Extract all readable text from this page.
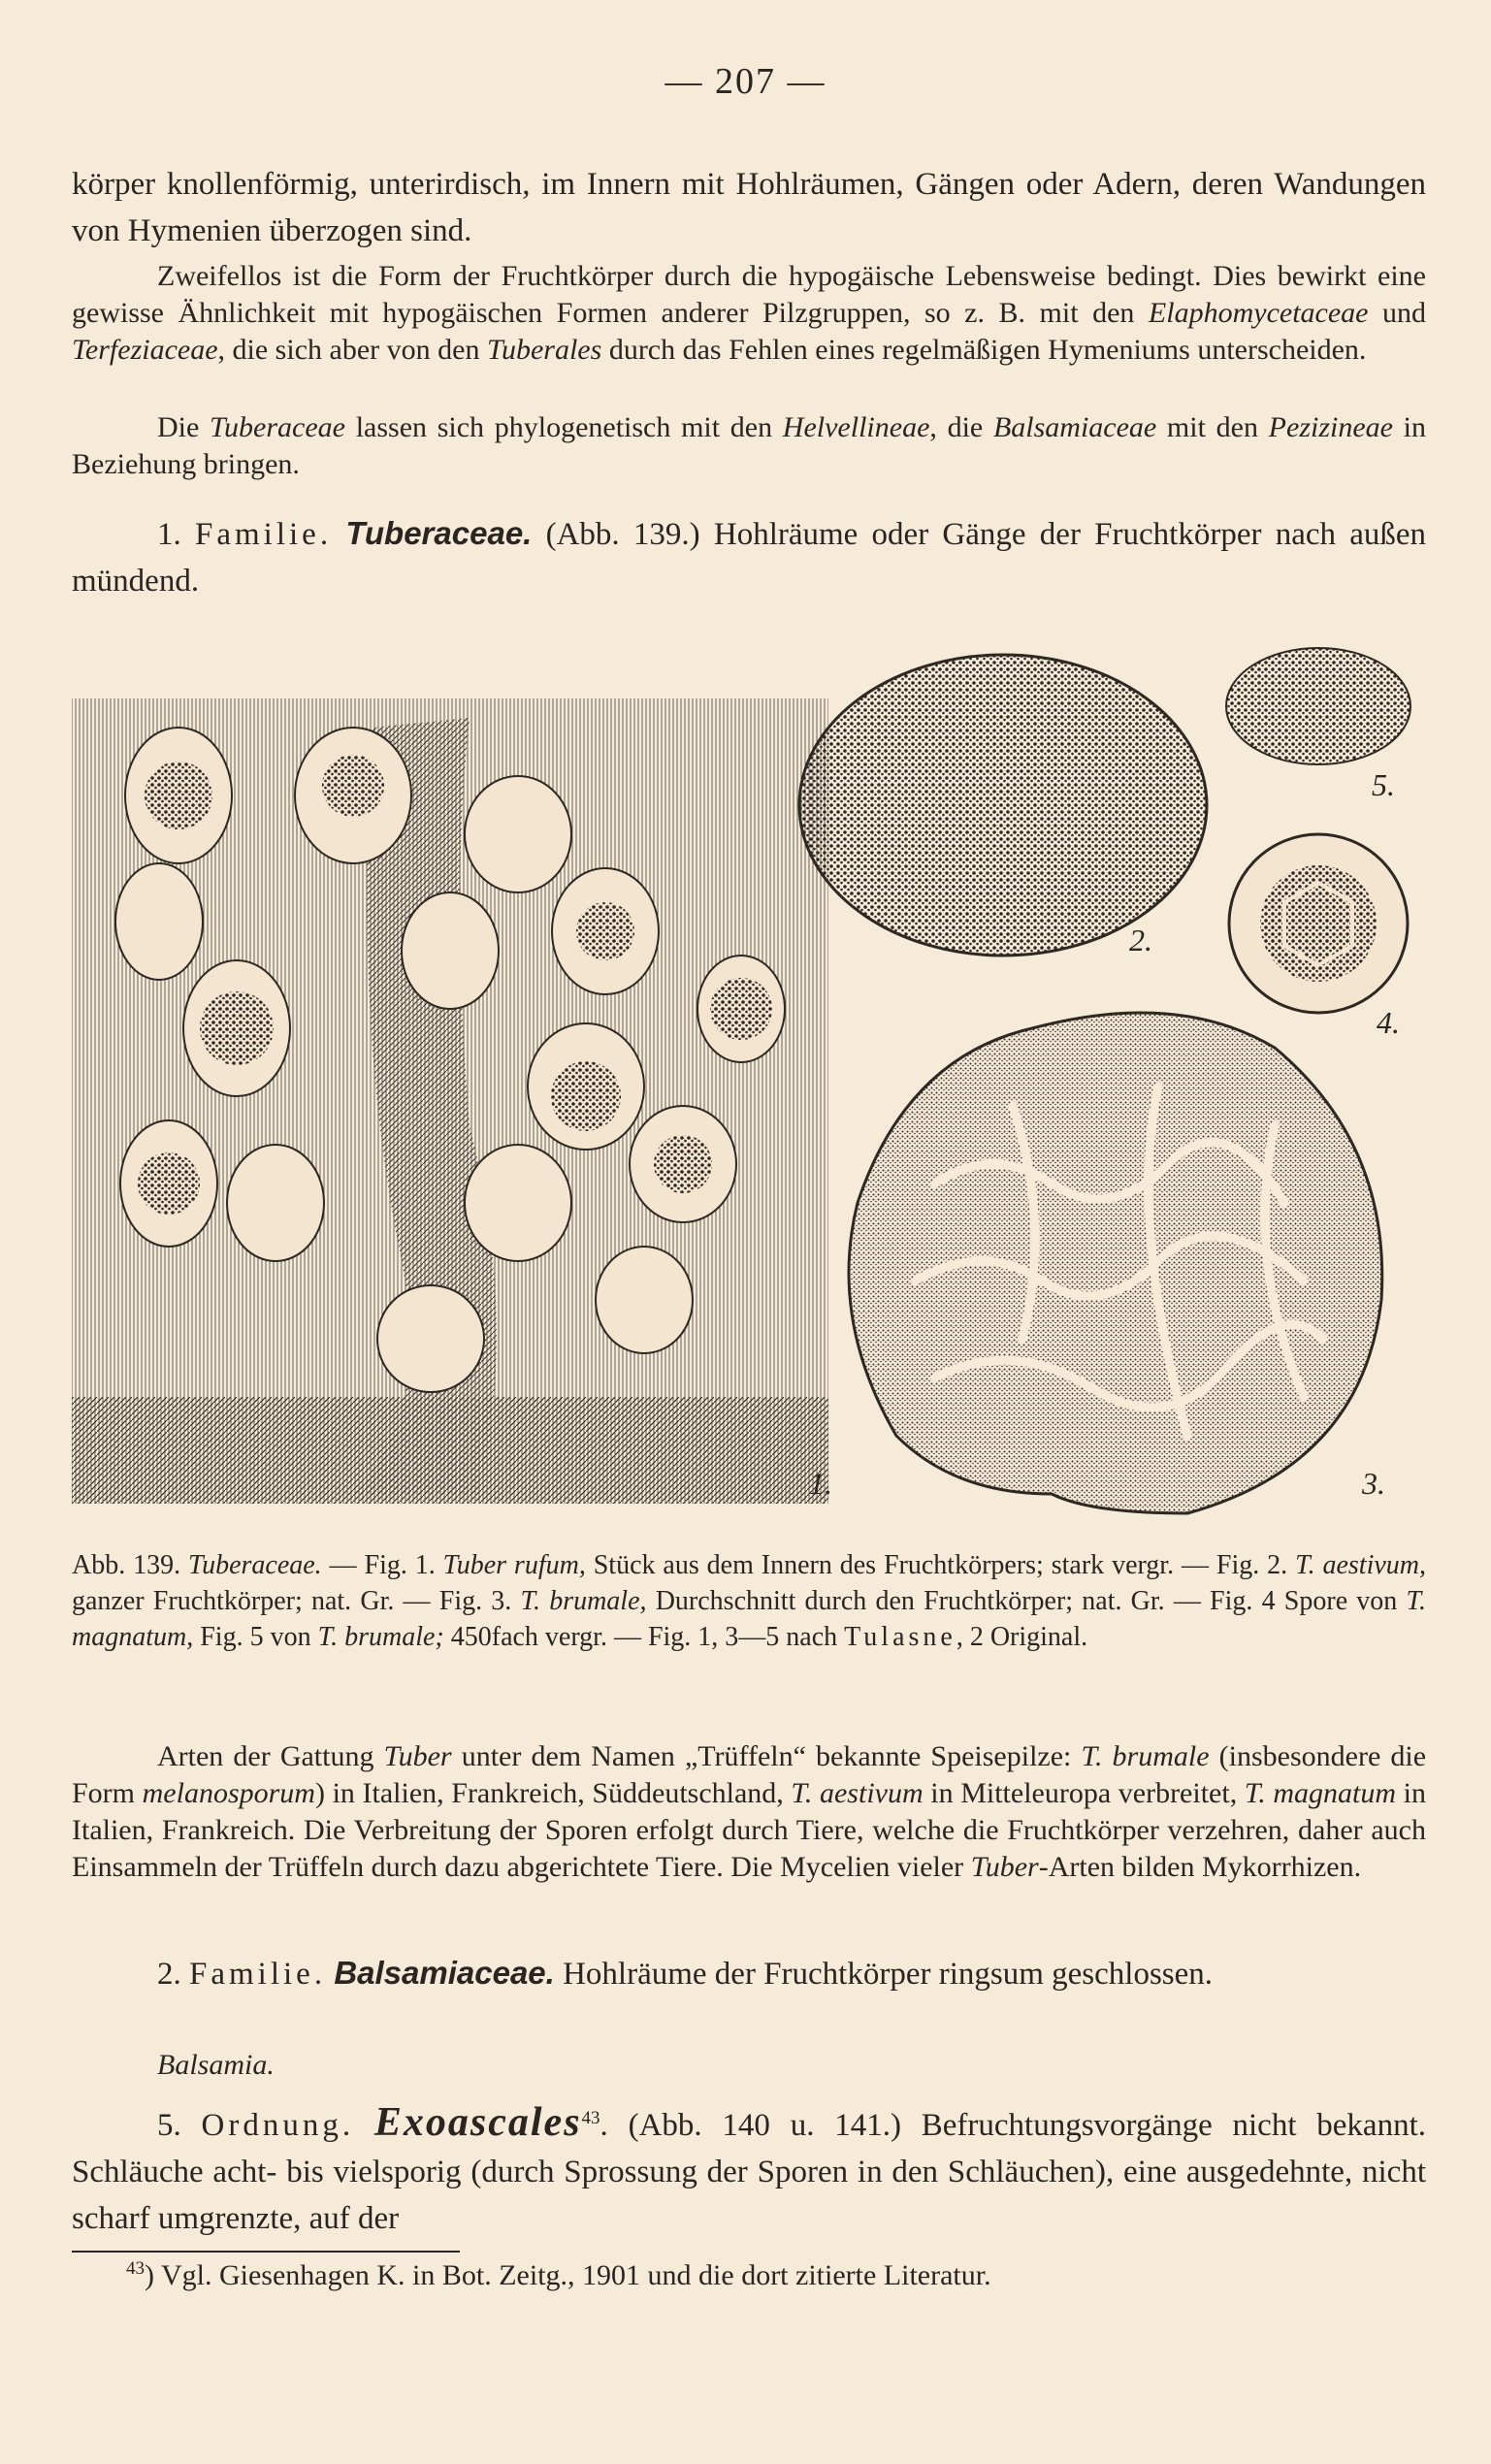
— 207 —
körper knollenförmig, unterirdisch, im Innern mit Hohlräumen, Gängen oder Adern, deren Wandungen von Hymenien überzogen sind.
Zweifellos ist die Form der Fruchtkörper durch die hypogäische Lebensweise bedingt. Dies bewirkt eine gewisse Ähnlichkeit mit hypogäischen Formen anderer Pilzgruppen, so z. B. mit den Elaphomycetaceae und Terfeziaceae, die sich aber von den Tuberales durch das Fehlen eines regelmäßigen Hymeniums unterscheiden.
Die Tuberaceae lassen sich phylogenetisch mit den Helvellineae, die Balsamiaceae mit den Pezizineae in Beziehung bringen.
1. Familie. Tuberaceae. (Abb. 139.) Hohlräume oder Gänge der Fruchtkörper nach außen mündend.
1.
2.
3.
4.
5.
Abb. 139. Tuberaceae. — Fig. 1. Tuber rufum, Stück aus dem Innern des Fruchtkörpers; stark vergr. — Fig. 2. T. aestivum, ganzer Fruchtkörper; nat. Gr. — Fig. 3. T. brumale, Durchschnitt durch den Fruchtkörper; nat. Gr. — Fig. 4 Spore von T. magnatum, Fig. 5 von T. brumale; 450fach vergr. — Fig. 1, 3—5 nach Tulasne, 2 Original.
Arten der Gattung Tuber unter dem Namen „Trüffeln“ bekannte Speisepilze: T. brumale (insbesondere die Form melanosporum) in Italien, Frankreich, Süddeutschland, T. aestivum in Mitteleuropa verbreitet, T. magnatum in Italien, Frankreich. Die Verbreitung der Sporen erfolgt durch Tiere, welche die Fruchtkörper verzehren, daher auch Einsammeln der Trüffeln durch dazu abgerichtete Tiere. Die Mycelien vieler Tuber-Arten bilden Mykorrhizen.
2. Familie. Balsamiaceae. Hohlräume der Fruchtkörper ringsum geschlossen.
Balsamia.
5. Ordnung. Exoascales$^{43}$. (Abb. 140 u. 141.) Befruchtungsvorgänge nicht bekannt. Schläuche acht- bis vielsporig (durch Sprossung der Sporen in den Schläuchen), eine ausgedehnte, nicht scharf umgrenzte, auf der
$^{43}$) Vgl. Giesenhagen K. in Bot. Zeitg., 1901 und die dort zitierte Literatur.
